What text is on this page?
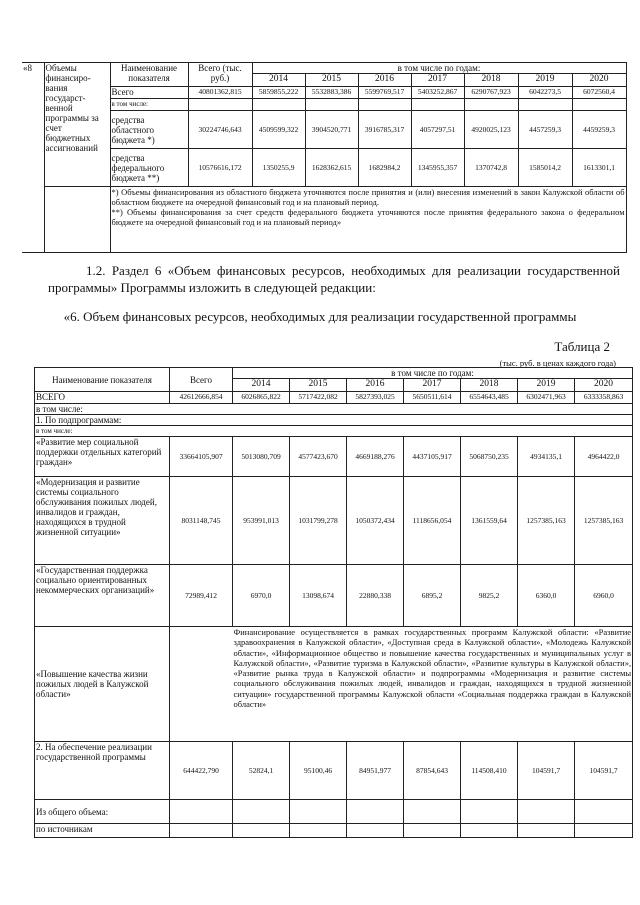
«8	Объемы финансиро-вания государст-венной программы за счет бюджетных ассигнований	Наименование показателя	Всего (тыс. руб.)	в том числе по годам:						
				2014	2015	2016	2017	2018	2019	2020
		Всего	40801362,815	5859855,222	5532883,386	5599769,517	5403252,867	6290767,923	6042273,5	6072560,4
		в том числе:								
		средства областного бюджета *)	30224746,643	4509599,322	3904520,771	3916785,317	4057297,51	4920025,123	4457259,3	4459259,3
		средства федерального бюджета **)	10576616,172	1350255,9	1628362,615	1682984,2	1345955,357	1370742,8	1585014,2	1613301,1

		*) Объемы финансирования из областного бюджета уточняются после принятия и (или) внесения изменений в закон Калужской области об областном бюджете на очередной финансовый год и на плановый период.
**) Объемы финансирования за счет средств федерального бюджета уточняются после принятия федерального закона о федеральном бюджете на очередной финансовый год и на плановый период»								
1.2. Раздел 6 «Объем финансовых ресурсов, необходимых для реализации государственной программы» Программы изложить в следующей редакции:
«6. Объем финансовых ресурсов, необходимых для реализации государственной программы
Таблица 2
(тыс. руб. в ценах каждого года)
Наименование показателя	Всего	в том числе по годам:						
		2014	2015	2016	2017	2018	2019	2020
ВСЕГО	42612666,854	6026865,822	5717422,082	5827393,025	5650511,614	6554643,485	6302471,963	6333358,863
в том числе:								
1. По подпрограммам:								
в том числе:								
«Развитие мер социальной поддержки отдельных категорий граждан»	33664105,907	5013080,709	4577423,670	4669188,276	4437105,917	5068750,235	4934135,1	4964422,0
«Модернизация и развитие системы социального обслуживания пожилых людей, инвалидов и граждан, находящихся в трудной жизненной ситуации»	8031148,745	953991,013	1031799,278	1050372,434	1118656,054	1361559,64	1257385,163	1257385,163
«Государственная поддержка социально ориентированных некоммерческих организаций»	72989,412	6970,0	13098,674	22880,338	6895,2	9825,2	6360,0	6960,0
«Повышение качества жизни пожилых людей в Калужской области»		Финансирование осуществляется в рамках государственных программ Калужской области: «Развитие здравоохранения в Калужской области», «Доступная среда в Калужской области», «Молодежь Калужской области», «Информационное общество и повышение качества государственных и муниципальных услуг в Калужской области», «Развитие туризма в Калужской области», «Развитие культуры в Калужской области», «Развитие рынка труда в Калужской области» и подпрограммы «Модернизация и развитие системы социального обслуживания пожилых людей, инвалидов и граждан, находящихся в трудной жизненной ситуации» государственной программы Калужской области «Социальная поддержка граждан в Калужской области»						
2. На обеспечение реализации государственной программы	644422,790	52824,1	95100,46	84951,977	87854,643	114508,410	104591,7	104591,7
Из общего объема:								
по источникам								
